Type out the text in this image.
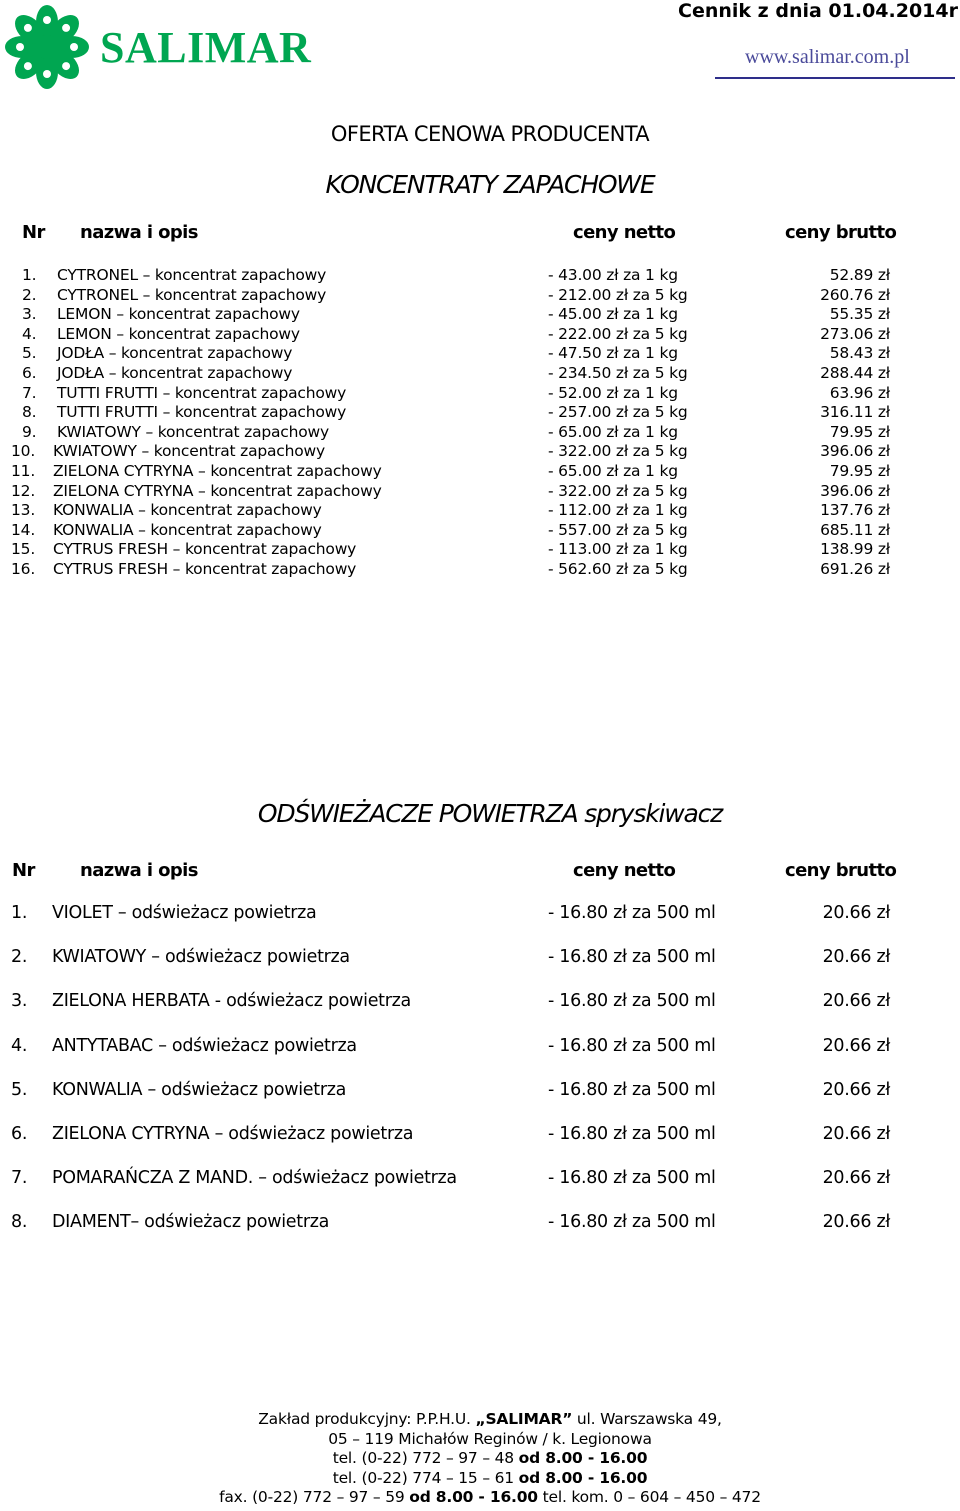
SALIMAR
Cennik z dnia 01.04.2014r
www.salimar.com.pl
OFERTA CENOWA PRODUCENTA
KONCENTRATY ZAPACHOWE
Nr nazwa i opis	ceny netto	ceny brutto
1. CYTRONEL – koncentrat zapachowy	- 43.00 zł za 1 kg	52.89 zł
2. CYTRONEL – koncentrat zapachowy	- 212.00 zł za 5 kg	260.76 zł
3. LEMON – koncentrat zapachowy	- 45.00 zł za 1 kg	55.35 zł
4. LEMON – koncentrat zapachowy	- 222.00 zł za 5 kg	273.06 zł
5. JODŁA – koncentrat zapachowy	- 47.50 zł za 1 kg	58.43 zł
6. JODŁA – koncentrat zapachowy	- 234.50 zł za 5 kg	288.44 zł
7. TUTTI FRUTTI – koncentrat zapachowy	- 52.00 zł za 1 kg	63.96 zł
8. TUTTI FRUTTI – koncentrat zapachowy	- 257.00 zł za 5 kg	316.11 zł
9. KWIATOWY – koncentrat zapachowy	- 65.00 zł za 1 kg	79.95 zł
10. KWIATOWY – koncentrat zapachowy	- 322.00 zł za 5 kg	396.06 zł
11. ZIELONA CYTRYNA – koncentrat zapachowy	- 65.00 zł za 1 kg	79.95 zł
12. ZIELONA CYTRYNA – koncentrat zapachowy	- 322.00 zł za 5 kg	396.06 zł
13. KONWALIA – koncentrat zapachowy	- 112.00 zł za 1 kg	137.76 zł
14. KONWALIA – koncentrat zapachowy	- 557.00 zł za 5 kg	685.11 zł
15. CYTRUS FRESH – koncentrat zapachowy	- 113.00 zł za 1 kg	138.99 zł
16. CYTRUS FRESH – koncentrat zapachowy	- 562.60 zł za 5 kg	691.26 zł
ODŚWIEŻACZE POWIETRZA spryskiwacz
Nr	nazwa i opis	ceny netto	ceny brutto
1. VIOLET – odświeżacz powietrza	- 16.80 zł za 500 ml	20.66 zł
2. KWIATOWY – odświeżacz powietrza	- 16.80 zł za 500 ml	20.66 zł
3. ZIELONA HERBATA - odświeżacz powietrza	- 16.80 zł za 500 ml	20.66 zł
4. ANTYTABAC – odświeżacz powietrza	- 16.80 zł za 500 ml	20.66 zł
5. KONWALIA – odświeżacz powietrza	- 16.80 zł za 500 ml	20.66 zł
6. ZIELONA CYTRYNA – odświeżacz powietrza	- 16.80 zł za 500 ml	20.66 zł
7. POMARAŃCZA Z MAND. – odświeżacz powietrza	- 16.80 zł za 500 ml	20.66 zł
8. DIAMENT– odświeżacz powietrza	- 16.80 zł za 500 ml	20.66 zł
Zakład produkcyjny: P.P.H.U. „SALIMAR” ul. Warszawska 49,
05 – 119 Michałów Reginów / k. Legionowa
tel. (0-22) 772 – 97 – 48 od 8.00 - 16.00
tel. (0-22) 774 – 15 – 61 od 8.00 - 16.00
fax. (0-22) 772 – 97 – 59 od 8.00 - 16.00 tel. kom. 0 – 604 – 450 – 472
